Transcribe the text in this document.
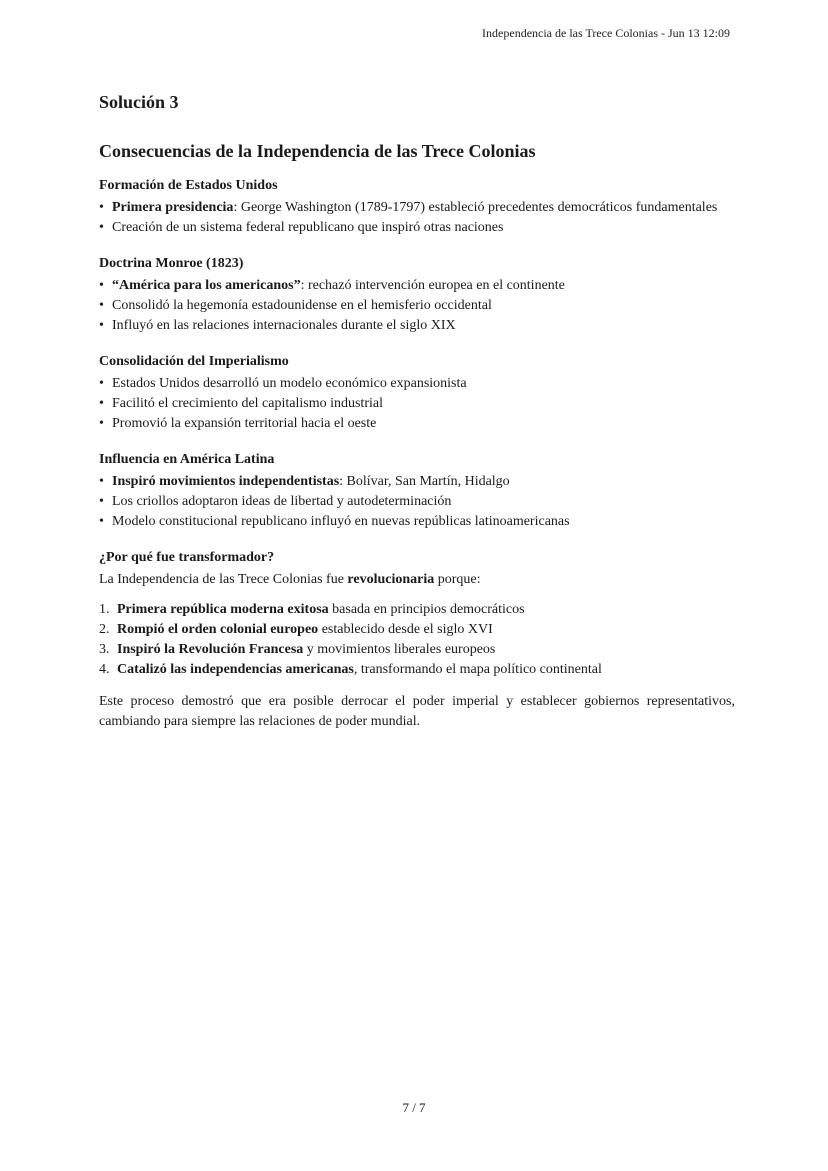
Independencia de las Trece Colonias - Jun 13 12:09
Solución 3
Consecuencias de la Independencia de las Trece Colonias
Formación de Estados Unidos
• Primera presidencia: George Washington (1789-1797) estableció precedentes democráticos fundamentales
• Creación de un sistema federal republicano que inspiró otras naciones
Doctrina Monroe (1823)
• “América para los americanos”: rechazó intervención europea en el continente
• Consolidó la hegemonía estadounidense en el hemisferio occidental
• Influyó en las relaciones internacionales durante el siglo XIX
Consolidación del Imperialismo
• Estados Unidos desarrolló un modelo económico expansionista
• Facilitó el crecimiento del capitalismo industrial
• Promovió la expansión territorial hacia el oeste
Influencia en América Latina
• Inspiró movimientos independentistas: Bolívar, San Martín, Hidalgo
• Los criollos adoptaron ideas de libertad y autodeterminación
• Modelo constitucional republicano influyó en nuevas repúblicas latinoamericanas
¿Por qué fue transformador?

La Independencia de las Trece Colonias fue revolucionaria porque:

1. Primera república moderna exitosa basada en principios democráticos
2. Rompió el orden colonial europeo establecido desde el siglo XVI
3. Inspiró la Revolución Francesa y movimientos liberales europeos
4. Catalizó las independencias americanas, transformando el mapa político continental

Este proceso demostró que era posible derrocar el poder imperial y establecer gobiernos representativos, cambiando para siempre las relaciones de poder mundial.

7 / 7
